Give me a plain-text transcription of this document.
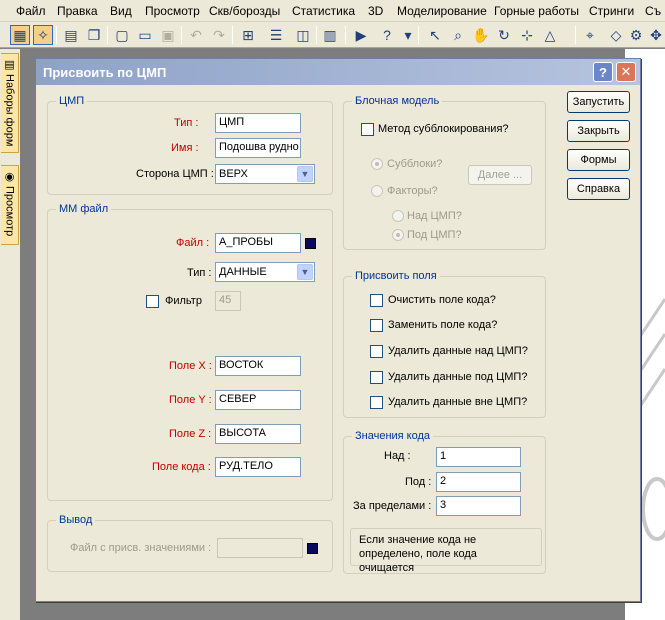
Файл Правка Вид Просмотр Скв/борозды Статистика 3D Моделирование Горные работы Стринги Съ
▦ ✧ ▤ ❐ ▢ ▭ ▣ ↶ ↷ ⊞ ☰ ◫ ▥	▶	? ▾ ↖ ⌕ ✋ ↻ ⊹ △	⌖	◇ ⚙ ✥
▤
Наборы форм
◉
Просмотр
Присвоить по ЦМП	?	✕
Запустить
Закрыть
Формы
Справка
ЦМП
Тип :	ЦМП
Имя :	Подошва рудно
Сторона ЦМП : ВЕРХ	▼
ММ файл
Файл : А_ПРОБЫ
Тип : ДАННЫЕ	▼
Фильтр	45
Поле X : ВОСТОК
Поле Y : СЕВЕР
Поле Z : ВЫСОТА
Поле кода : РУД.ТЕЛО
Вывод
Файл с присв. значениями :
Блочная модель
Метод субблокирования?
Субблоки?
Далее ...
Факторы?
Над ЦМП?
Под ЦМП?
Присвоить поля
Очистить поле кода?
Заменить поле кода?
Удалить данные над ЦМП?
Удалить данные под ЦМП?
Удалить данные вне ЦМП?
Значения кода
Над :	1
Под : 2
За пределами : 3
Если значение кода не определено, поле кода очищается
